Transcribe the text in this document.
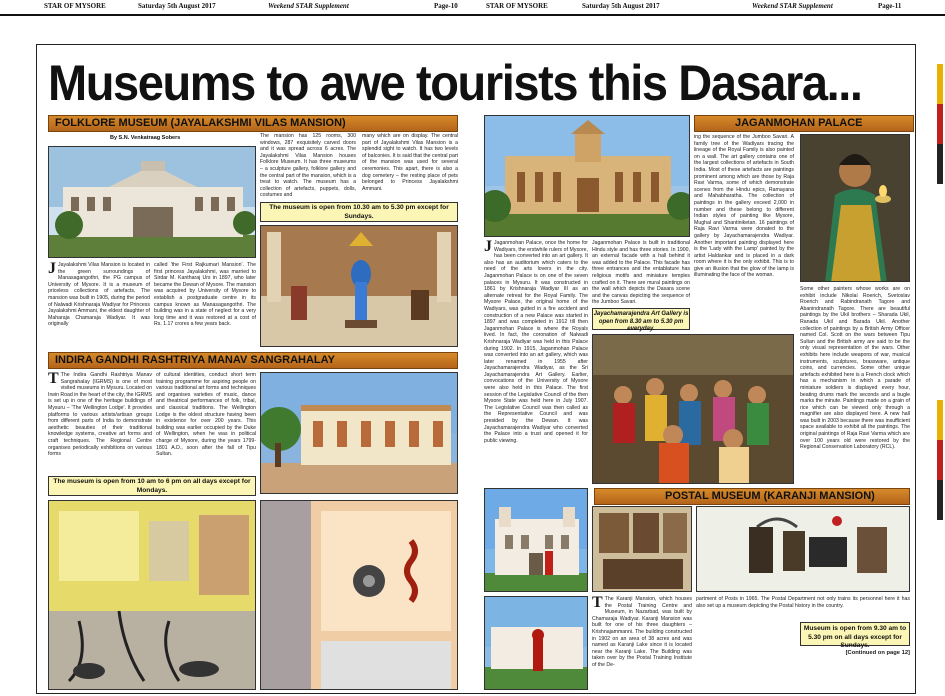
STAR OF MYSORE	Saturday 5th August 2017	Weekend STAR Supplement	Page-10	STAR OF MYSORE	Saturday 5th August 2017	Weekend STAR Supplement	Page-11
Museums to awe tourists this Dasara...
FOLKLORE MUSEUM (JAYALAKSHMI VILAS MANSION)
By S.N. Venkatraag Sobers
J Jayalakshmi Vilas Mansion is located in the green surroundings of Manasagangothri, the PG campus of University of Mysore. It is a museum of priceless collections of artefacts. The mansion was built in 1905, during the period of Nalwadi Krishnaraja Wadiyar for Princess Jayalakshmi Ammani, the eldest daughter of Maharaja Chamaraja Wadiyar. It was originally
called 'the First Rajkumari Mansion'. The first princess Jayalakshmi, was married to Sirdar M. Kantharaj Urs in 1897, who later became the Dewan of Mysore. The mansion was acquired by University of Mysore to establish a postgraduate centre in its campus known as Manasagangothri. The building was in a state of neglect for a very long time and it was restored at a cost of Rs. 1.17 crores a few years back.
The mansion has 125 rooms, 300 windows, 287 exquisitely carved doors and it was spread across 6 acres. The Jayalakshmi Vilas Mansion houses Folklore Museum. It has three museums – a sculpture gallery, folklore gallery and the central part of the mansion, which is a treat to watch. The museum has a collection of artefacts, puppets, dolls, costumes and
many which are on display. The central part of Jayalakshmi Vilas Mansion is a splendid sight to watch. It has two levels of balconies. It is said that the central part of the mansion was used for several ceremonies. This apart, there is also a dog cemetery – the resting place of pets belonged to Princess Jayalakshmi Ammani.
The museum is open from 10.30 am to 5.30 pm except for Sundays.
INDIRA GANDHI RASHTRIYA MANAV SANGRAHALAY
T The Indira Gandhi Rashtriya Manav Sangrahalay (IGRMS) is one of most visited museums in Mysuru. Located on Irwin Road in the heart of the city, the IGRMS is set up in one of the heritage buildings of Mysuru – 'The Wellington Lodge'. It provides platforms to various artists/artisan groups from different parts of India to demonstrate aesthetic beauties of their traditional knowledge systems, creative art forms and craft techniques. The Regional Centre organises periodically exhibitions on various forms
of cultural identities, conduct short term training programme for aspiring people on various traditional art forms and techniques and organises varieties of music, dance and theatrical performances of folk, tribal, and classical traditions. The Wellington Lodge is the oldest structure having been in existence for over 200 years. This building was earlier occupied by the Duke of Wellington, when he was in political charge of Mysore, during the years 1799-1801 A.D., soon after the fall of Tipu Sultan.
The museum is open from 10 am to 6 pm on all days except for Mondays.
J Jaganmohan Palace, once the home for Wadiyars, the erstwhile rulers of Mysore, has been converted into an art gallery. It also has an auditorium which caters to the need of the arts lovers in the city. Jaganmohan Palace is on one of the seven palaces in Mysuru. It was constructed in 1861 by Krishnaraja Wadiyar III as an alternate retreat for the Royal Family. The Mysore Palace, the original home of the Wadiyars, was gutted in a fire accident and construction of a new Palace was started in 1897 and was completed in 1912 till then Jaganmohan Palace is where the Royals lived. In fact, the coronation of Nalwadi Krishnaraja Wadiyar was held in this Palace during 1902. In 1915, Jaganmohan Palace was converted into an art gallery, which was later renamed in 1955 after Jayachamarajendra Wadiyar, as the Sri Jayachamarajendra Art Gallery. Earlier, convocations of the University of Mysore were also held in this Palace. The first session of the Legislative Council of the then Mysore State was held here in July 1907. The Legislative Council was then called as the Representative Council and was presided by the Dewan. It was Jayachamarajendra Wadiyar who converted the Palace into a trust and opened it for public viewing.
Jaganmohan Palace is built in traditional Hindu style and has three stories. In 1900, an external facade with a hall behind it was added to the Palace. This facade has three entrances and the entablature has religious motifs and miniature temples crafted on it. There are mural paintings on the wall which depicts the Dasara scene and the canvas depicting the sequence of the Jumboo Savari.
Jayachamarajendra Art Gallery is open from 8.30 am to 5.30 pm everyday.
JAGANMOHAN PALACE
ing the sequence of the Jumboo Savari. A family tree of the Wadiyars tracing the lineage of the Royal Family is also painted on a wall. The art gallery contains one of the largest collections of artefacts in South India. Most of these artefacts are paintings prominent among which are those by Raja Ravi Varma, some of which demonstrate scenes from the Hindu epics, Ramayana and Mahabharatha. The collection of paintings in the gallery exceed 2,000 in number and these belong to different Indian styles of painting like Mysore, Mughal and Shantiniketan. 16 paintings of Raja Ravi Varma were donated to the gallery by Jayachamarajendra Wadiyar. Another important painting displayed here is the 'Lady with the Lamp' painted by the artist Haldankar and is placed in a dark room where it is the only exhibit. This is to give an illusion that the glow of the lamp is illuminating the face of the woman.
Some other painters whose works are on exhibit include Nikolai Roerich, Svetoslav Roerich and Rabindranath Tagore and Abanindranath Tagore. There are beautiful paintings by the Ukil brothers – Sharada Ukil, Ranada Ukil and Barada Ukil. Another collection of paintings by a British Army Officer named Col. Scott on the wars between Tipu Sultan and the British army are said to be the only visual representation of the wars. Other exhibits here include weapons of war, musical instruments, sculptures, brassware, antique coins, and currencies. Some other unique artefacts exhibited here is a French clock which has a mechanism in which a parade of miniature soldiers is displayed every hour, beating drums mark the seconds and a bugle marks the minute. Paintings made on a grain of rice which can be viewed only through a magnifier are also displayed here. A new hall was built in 2003 because there was insufficient space available to exhibit all the paintings. The original paintings of Raja Ravi Varma which are over 100 years old were restored by the Regional Conservation Laboratory (RCL).
POSTAL MUSEUM (KARANJI MANSION)
T The Karanji Mansion, which houses the Postal Training Centre and Museum, in Nazarbad, was built by Chamaraja Wadiyar. Karanji Mansion was built for one of his three daughters – Krishnajammanni. The building constructed in 1902 on an area of 38 acres and was named as Karanji Lake since it is located near the Karanji Lake. The Building was taken over by the Postal Training Institute of the De-
partment of Posts in 1965. The Postal Department not only trains its personnel here it has also set up a museum depicting the Postal history in the country.
Museum is open from 9.30 am to 5.30 pm on all days except for Sundays.
[Continued on page 12]
